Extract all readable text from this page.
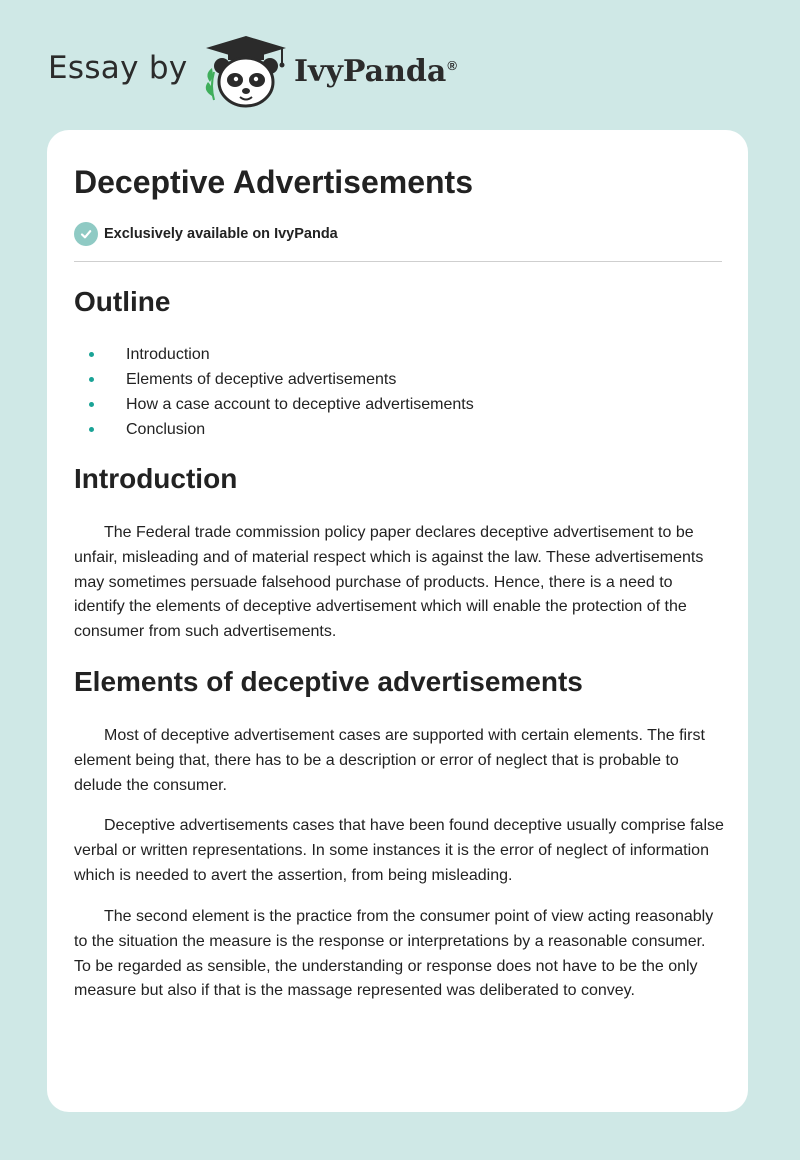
Essay by	IvyPanda®
Deceptive Advertisements
Exclusively available on IvyPanda
Outline
Introduction
Elements of deceptive advertisements
How a case account to deceptive advertisements
Conclusion
Introduction

The Federal trade commission policy paper declares deceptive advertisement to be unfair, misleading and of material respect which is against the law. These advertisements may sometimes persuade falsehood purchase of products. Hence, there is a need to identify the elements of deceptive advertisement which will enable the protection of the consumer from such advertisements.

Elements of deceptive advertisements

Most of deceptive advertisement cases are supported with certain elements. The first element being that, there has to be a description or error of neglect that is probable to delude the consumer.

Deceptive advertisements cases that have been found deceptive usually comprise false verbal or written representations. In some instances it is the error of neglect of information which is needed to avert the assertion, from being misleading.

The second element is the practice from the consumer point of view acting reasonably to the situation the measure is the response or interpretations by a reasonable consumer. To be regarded as sensible, the understanding or response does not have to be the only measure but also if that is the massage represented was deliberated to convey.
